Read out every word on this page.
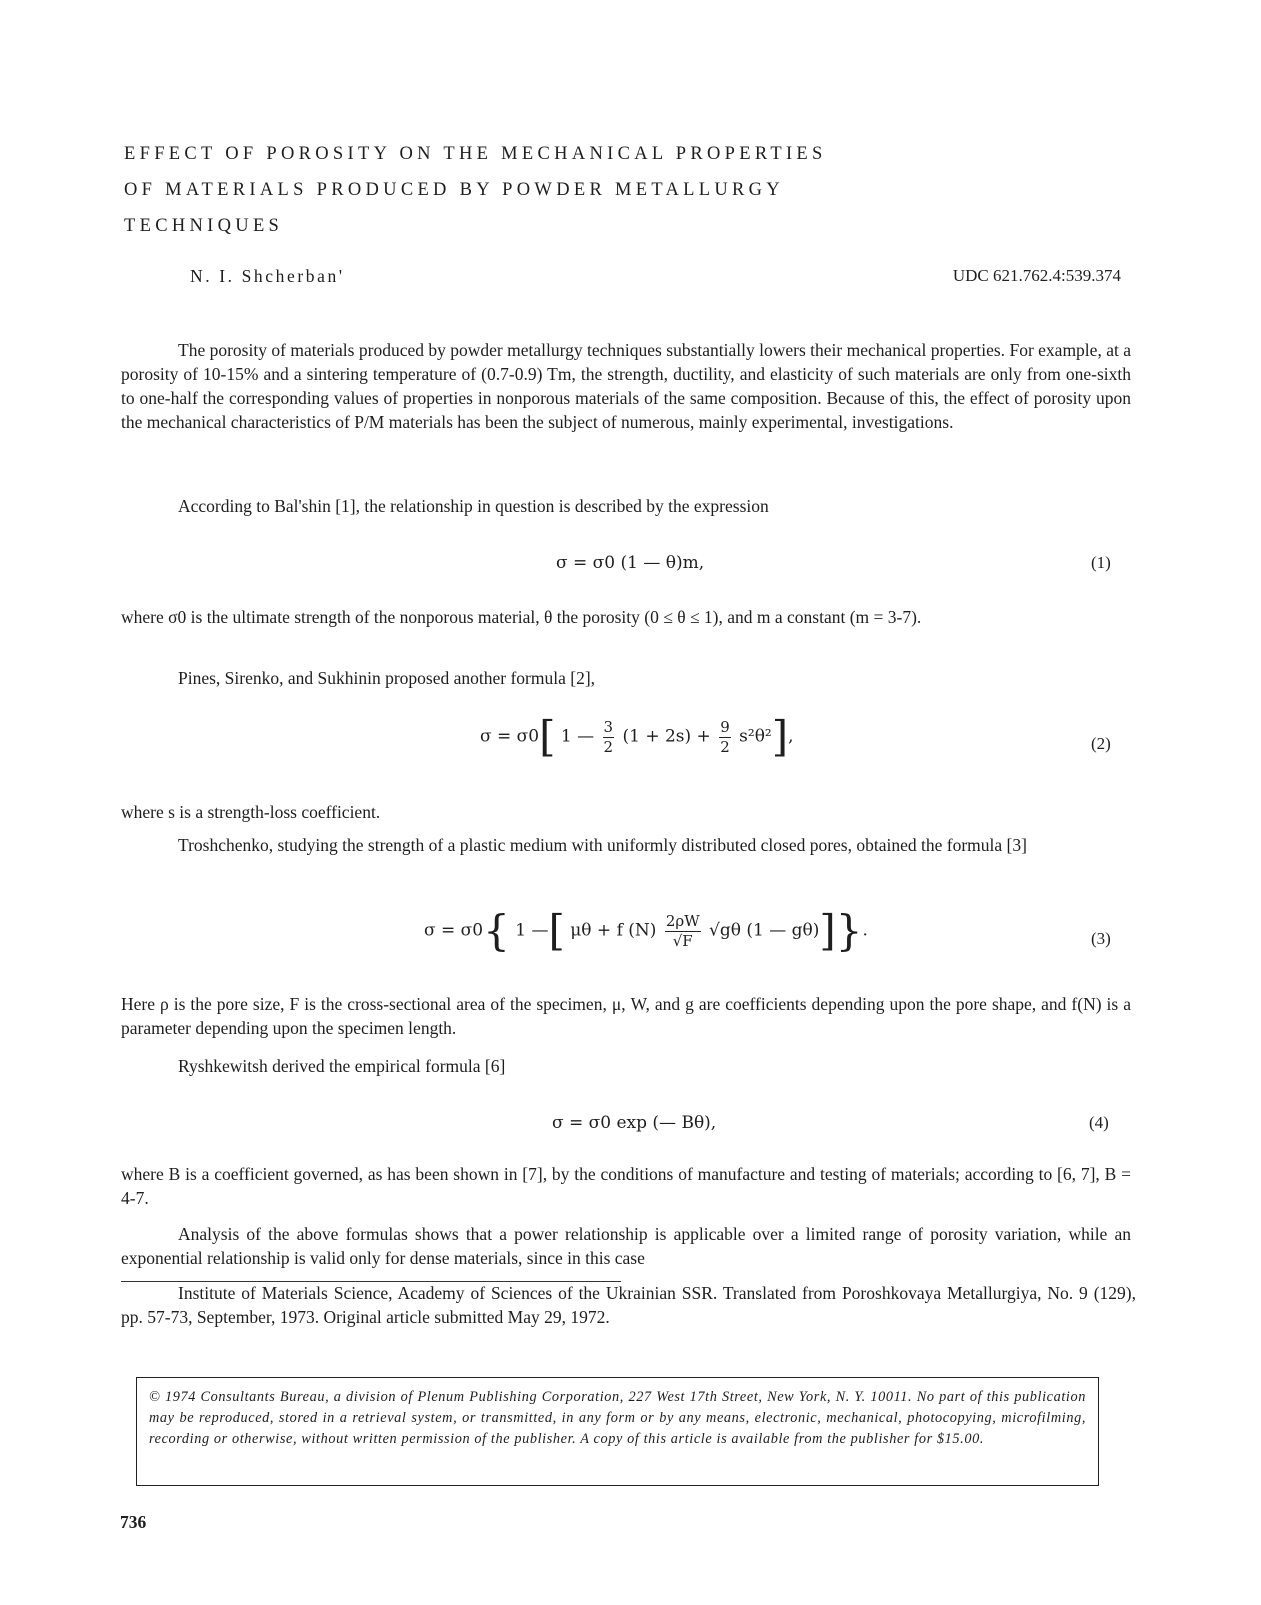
EFFECT OF POROSITY ON THE MECHANICAL PROPERTIES
OF MATERIALS PRODUCED BY POWDER METALLURGY
TECHNIQUES
N. I. Shcherban'	UDC 621.762.4:539.374
The porosity of materials produced by powder metallurgy techniques substantially lowers their mechanical properties. For example, at a porosity of 10-15% and a sintering temperature of (0.7-0.9) Tm, the strength, ductility, and elasticity of such materials are only from one-sixth to one-half the corresponding values of properties in nonporous materials of the same composition. Because of this, the effect of porosity upon the mechanical characteristics of P/M materials has been the subject of numerous, mainly experimental, investigations.
According to Bal'shin [1], the relationship in question is described by the expression
σ = σ0 (1 — θ)m,	(1)
where σ0 is the ultimate strength of the nonporous material, θ the porosity (0 ≤ θ ≤ 1), and m a constant (m = 3-7).
Pines, Sirenko, and Sukhinin proposed another formula [2],
σ = σ0[ 1 — $\frac{3}{2} (1 + 2s) + \frac{9}{2} s^2\theta^2$],	(2)
where s is a strength-loss coefficient.
Troshchenko, studying the strength of a plastic medium with uniformly distributed closed pores, obtained the formula [3]
σ = σ0{ 1 —[ μθ + f $(N) \frac{2\rho W}{√F} √g\theta$ (1 — gθ)]}.	(3)
Here ρ is the pore size, F is the cross-sectional area of the specimen, μ, W, and g are coefficients depending upon the pore shape, and f(N) is a parameter depending upon the specimen length.
Ryshkewitsh derived the empirical formula [6]
σ = σ0 exp (— Bθ),	(4)
where B is a coefficient governed, as has been shown in [7], by the conditions of manufacture and testing of materials; according to [6, 7], B = 4-7.
Analysis of the above formulas shows that a power relationship is applicable over a limited range of porosity variation, while an exponential relationship is valid only for dense materials, since in this case
Institute of Materials Science, Academy of Sciences of the Ukrainian SSR. Translated from Poroshkovaya Metallurgiya, No. 9 (129), pp. 57-73, September, 1973. Original article submitted May 29, 1972.

© 1974 Consultants Bureau, a division of Plenum Publishing Corporation, 227 West 17th Street, New York, N. Y. 10011. No part of this publication may be reproduced, stored in a retrieval system, or transmitted, in any form or by any means, electronic, mechanical, photocopying, microfilming, recording or otherwise, without written permission of the publisher. A copy of this article is available from the publisher for $15.00.

736
